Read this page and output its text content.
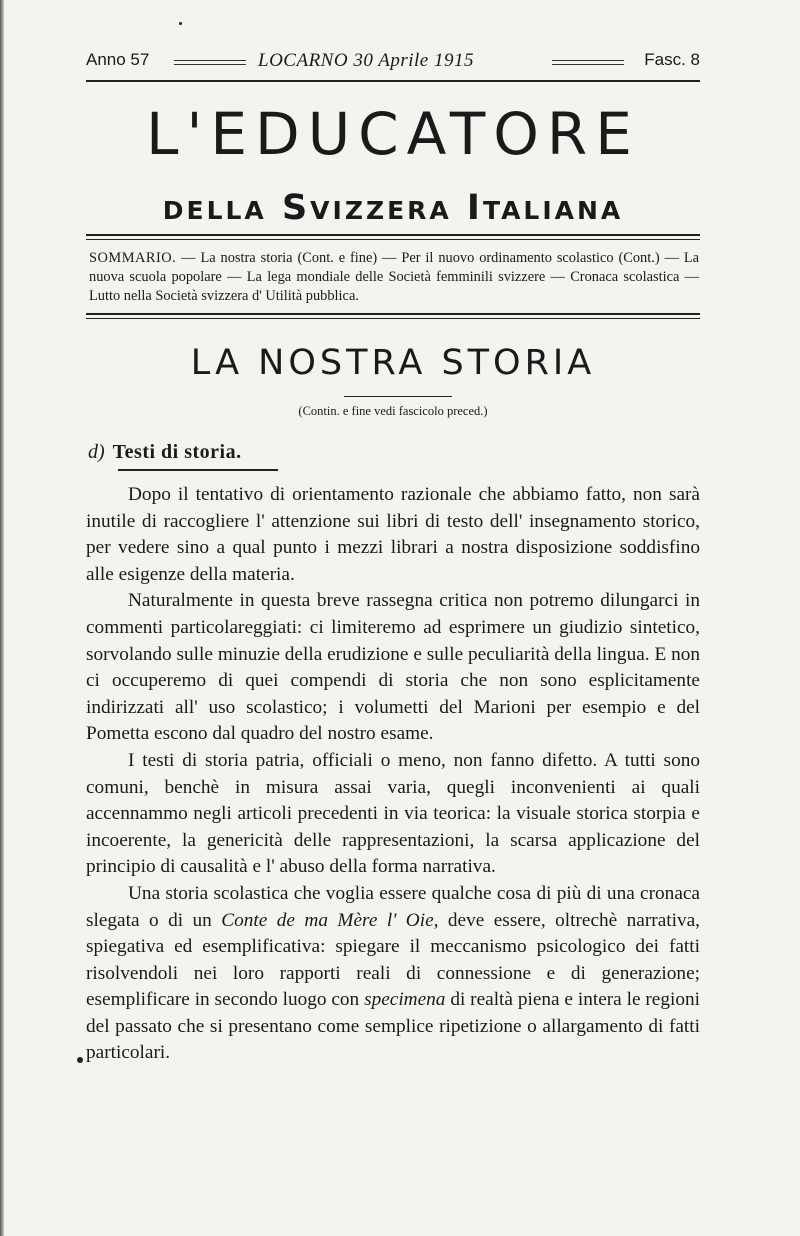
Anno 57	LOCARNO 30 Aprile 1915	Fasc. 8
L'EDUCATORE
della Svizzera Italiana

SOMMARIO. — La nostra storia (Cont. e fine) — Per il nuovo ordinamento scolastico (Cont.) — La nuova scuola popolare — La lega mondiale delle Società femminili svizzere — Cronaca scolastica — Lutto nella Società svizzera d' Utilità pubblica.

LA NOSTRA STORIA

(Contin. e fine vedi fascicolo preced.)

d) Testi di storia.

Dopo il tentativo di orientamento razionale che abbiamo fatto, non sarà inutile di raccogliere l' attenzione sui libri di testo dell' insegnamento storico, per vedere sino a qual punto i mezzi librari a nostra disposizione soddisfino alle esigenze della materia.

Naturalmente in questa breve rassegna critica non potremo dilungarci in commenti particolareggiati: ci limiteremo ad esprimere un giudizio sintetico, sorvolando sulle minuzie della erudizione e sulle peculiarità della lingua. E non ci occuperemo di quei compendi di storia che non sono esplicitamente indirizzati all' uso scolastico; i volumetti del Marioni per esempio e del Pometta escono dal quadro del nostro esame.

I testi di storia patria, officiali o meno, non fanno difetto. A tutti sono comuni, benchè in misura assai varia, quegli inconvenienti ai quali accennammo negli articoli precedenti in via teorica: la visuale storica storpia e incoerente, la genericità delle rappresentazioni, la scarsa applicazione del principio di causalità e l' abuso della forma narrativa.

Una storia scolastica che voglia essere qualche cosa di più di una cronaca slegata o di un Conte de ma Mère l' Oie, deve essere, oltrechè narrativa, spiegativa ed esemplificativa: spiegare il meccanismo psicologico dei fatti risolvendoli nei loro rapporti reali di connessione e di generazione; esemplificare in secondo luogo con specimena di realtà piena e intera le regioni del passato che si presentano come semplice ripetizione o allargamento di fatti particolari.
